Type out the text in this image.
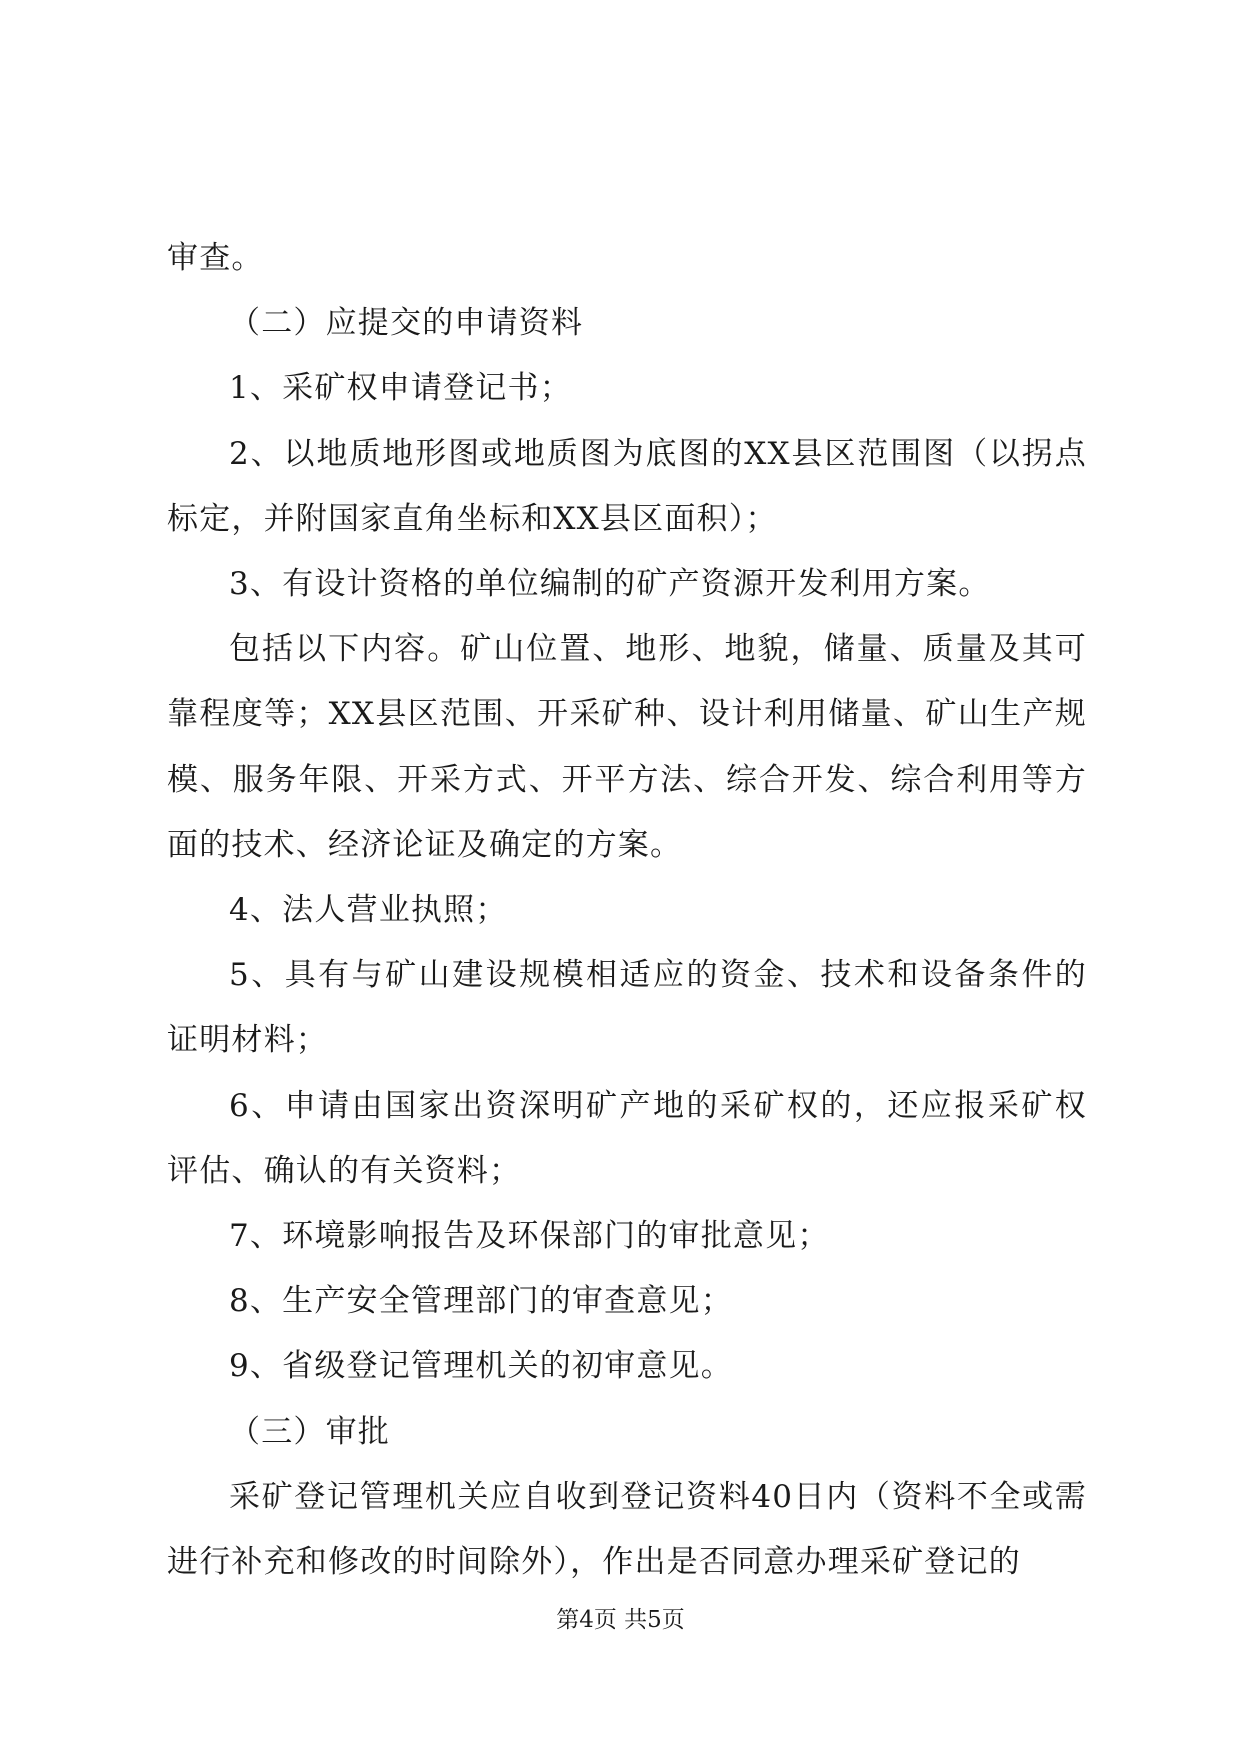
审查。

（二）应提交的申请资料

1、采矿权申请登记书；

2、以地质地形图或地质图为底图的XX县区范围图（以拐点标定，并附国家直角坐标和XX县区面积）；

3、有设计资格的单位编制的矿产资源开发利用方案。

包括以下内容。矿山位置、地形、地貌，储量、质量及其可靠程度等；XX县区范围、开采矿种、设计利用储量、矿山生产规模、服务年限、开采方式、开平方法、综合开发、综合利用等方面的技术、经济论证及确定的方案。

4、法人营业执照；

5、具有与矿山建设规模相适应的资金、技术和设备条件的证明材料；

6、申请由国家出资深明矿产地的采矿权的，还应报采矿权评估、确认的有关资料；

7、环境影响报告及环保部门的审批意见；

8、生产安全管理部门的审查意见；

9、省级登记管理机关的初审意见。

（三）审批

采矿登记管理机关应自收到登记资料40日内（资料不全或需进行补充和修改的时间除外），作出是否同意办理采矿登记的

第4页 共5页
